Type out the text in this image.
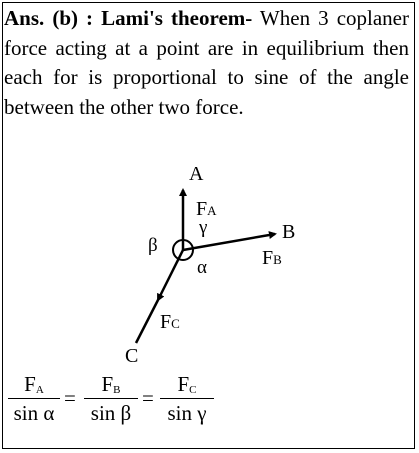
Ans. (b) : Lami's theorem- When 3 coplaner force acting at a point are in equilibrium then each for is proportional to sine of the angle between the other two force.

A
B
C
FA
FB
FC
γ
β
α
$\frac{F_A}{\text{sin α}} = \frac{F_B}{\text{sin β}} = \frac{F_C}{\text{sin γ}}$
